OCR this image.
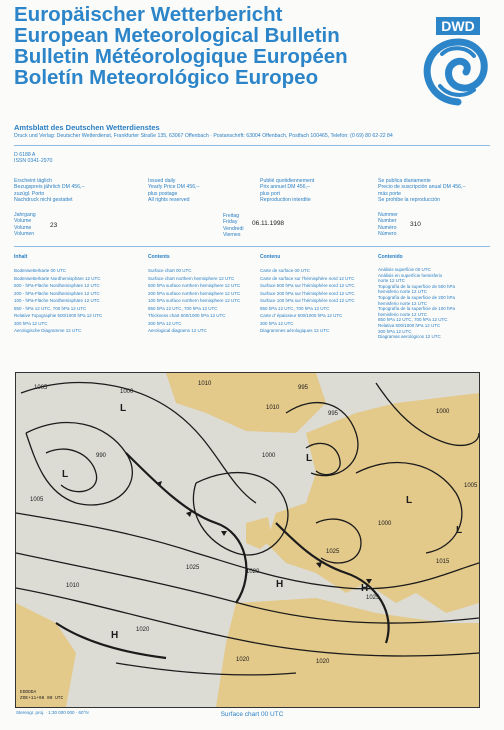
Europäischer Wetterbericht
European Meteorological Bulletin
Bulletin Météorologique Européen
Boletín Meteorológico Europeo
DWD
Amtsblatt des Deutschen Wetterdienstes
Druck und Verlag: Deutscher Wetterdienst, Frankfurter Straße 135, 63067 Offenbach · Postanschrift: 63004 Offenbach, Postfach 100465, Telefon: (0 69) 80 62-22 84
D 6188 A
ISSN 0341-2970
Erscheint täglich
Bezugspreis jährlich DM 456,–
zuzügl. Porto
Nachdruck nicht gestattet
Issued daily
Yearly Price DM 456,–
plus postage
All rights reserved
Publié quotidiennement
Prix annuel DM 456,–
plus port
Reproduction interdite
Se publica diariamente
Precio de suscripción anual DM 456,–
más porte
Se prohibe la reproducción
Jahrgang
Volume
Volume
Volumen
23
Freitag
Friday
Vendredi
Viernes
06.11.1998
Nummer
Number
Numéro
Número
310
Inhalt
Bodenwetterkarte 00 UTC
Bodenwetterkarte Nordhemisphäre 12 UTC
500 - hPa-Fläche Nordhemisphäre 12 UTC
200 - hPa-Fläche Nordhemisphäre 12 UTC
100 - hPa-Fläche Nordhemisphäre 12 UTC
850 - hPa 12 UTC, 700 hPa 12 UTC
Relative Topographie 500/1000 hPa 12 UTC
300 hPa 12 UTC
Aerologische Diagramme 12 UTC
Contents
Surface chart 00 UTC
Surface chart northern hemisphere 12 UTC
500 hPa surface northern hemisphere 12 UTC
200 hPa surface northern hemisphere 12 UTC
100 hPa surface northern hemisphere 12 UTC
850 hPa 12 UTC, 700 hPa 12 UTC
Thickness chart 500/1000 hPa 12 UTC
300 hPa 12 UTC
Aerological diagrams 12 UTC
Contenu
Carte de surface 00 UTC
Carte de surface sur l'hémisphère nord 12 UTC
Surface 500 hPa sur l'hémisphère nord 12 UTC
Surface 200 hPa sur l'hémisphère nord 12 UTC
Surface 100 hPa sur l'hémisphère nord 12 UTC
850 hPa 12 UTC, 700 hPa 12 UTC
Carte d' épaisseur 500/1000 hPa 12 UTC
300 hPa 12 UTC
Diagrammes aérologiques 12 UTC
Contenido
Análisis superficie 00 UTC
Análisis en superficie hemisferio
norte 12 UTC
Topografía de la superficie de 500 hPa
hemisferio norte 12 UTC
Topografía de la superficie de 200 hPa
hemisferio norte 12 UTC
Topografía de la superficie de 100 hPa
hemisferio norte 12 UTC
850 hPa 12 UTC, 700 hPa 12 UTC
Relativa 500/1000 hPa 12 UTC
300 hPa 12 UTC
Diagramas aerológicos 12 UTC
1005
1010
1000
995
990
1005
1010
1000
995
1025
1020
1025
1010
1020
1015
1005
1000
1025
1020
1020
1000
L
L
L
L
H	H
H
L
EDDDDA
ZOE+11+98 00 UTC
Stereogr. proj. · 1:30 000 000 · 60°N	Surface chart 00 UTC
